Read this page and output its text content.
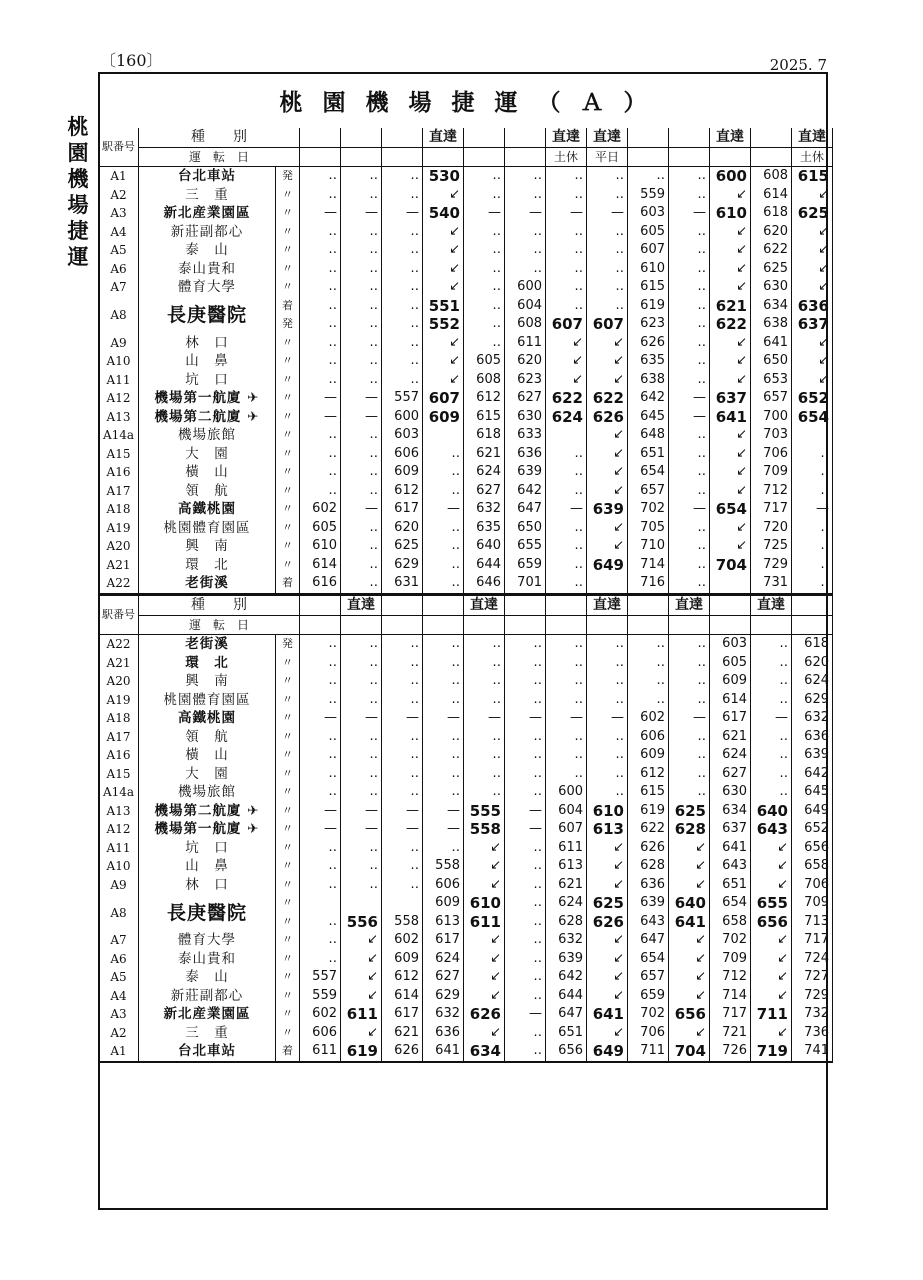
〔160〕	2025. 7
桃園機場捷運
桃 園 機 場 捷 運 （ Ａ ）
駅番号	種　　別					直達			直達	直達			直達		直達
	運　転　日								土休	平日					土休
A1	台北車站	発	‥	‥	‥	530	‥	‥	‥	‥	‥	‥	600	608	615
A2	三　重	〃	‥	‥	‥	↙	‥	‥	‥	‥	559	‥	↙	614	↙
A3	新北産業園區	〃	—	—	—	540	—	—	—	—	603	—	610	618	625
A4	新莊副都心	〃	‥	‥	‥	↙	‥	‥	‥	‥	605	‥	↙	620	↙
A5	泰　山	〃	‥	‥	‥	↙	‥	‥	‥	‥	607	‥	↙	622	↙
A6	泰山貴和	〃	‥	‥	‥	↙	‥	‥	‥	‥	610	‥	↙	625	↙
A7	體育大學	〃	‥	‥	‥	↙	‥	600	‥	‥	615	‥	↙	630	↙
A8	長庚醫院	着	‥	‥	‥	551	‥	604	‥	‥	619	‥	621	634	636
		発	‥	‥	‥	552	‥	608	607	607	623	‥	622	638	637
A9	林　口	〃	‥	‥	‥	↙	‥	611	↙	↙	626	‥	↙	641	↙
A10	山　鼻	〃	‥	‥	‥	↙	605	620	↙	↙	635	‥	↙	650	↙
A11	坑　口	〃	‥	‥	‥	↙	608	623	↙	↙	638	‥	↙	653	↙
A12	機場第一航廈 ✈	〃	—	—	557	607	612	627	622	622	642	—	637	657	652
A13	機場第二航廈 ✈	〃	—	—	600	609	615	630	624	626	645	—	641	700	654
A14a	機場旅館	〃	‥	‥	603		618	633		↙	648	‥	↙	703	
A15	大　園	〃	‥	‥	606	‥	621	636	‥	↙	651	‥	↙	706	‥
A16	橫　山	〃	‥	‥	609	‥	624	639	‥	↙	654	‥	↙	709	‥
A17	領　航	〃	‥	‥	612	‥	627	642	‥	↙	657	‥	↙	712	‥
A18	高鐵桃園	〃	602	—	617	—	632	647	—	639	702	—	654	717	—
A19	桃園體育園區	〃	605	‥	620	‥	635	650	‥	↙	705	‥	↙	720	‥
A20	興　南	〃	610	‥	625	‥	640	655	‥	↙	710	‥	↙	725	‥
A21	環　北	〃	614	‥	629	‥	644	659	‥	649	714	‥	704	729	‥
A22	老街溪	着	616	‥	631	‥	646	701	‥		716	‥		731	‥
駅番号	種　　別			直達			直達			直達		直達		直達	
	運　転　日														
A22	老街溪	発	‥	‥	‥	‥	‥	‥	‥	‥	‥	‥	603	‥	618
A21	環　北	〃	‥	‥	‥	‥	‥	‥	‥	‥	‥	‥	605	‥	620
A20	興　南	〃	‥	‥	‥	‥	‥	‥	‥	‥	‥	‥	609	‥	624
A19	桃園體育園區	〃	‥	‥	‥	‥	‥	‥	‥	‥	‥	‥	614	‥	629
A18	高鐵桃園	〃	—	—	—	—	—	—	—	—	602	—	617	—	632
A17	領　航	〃	‥	‥	‥	‥	‥	‥	‥	‥	606	‥	621	‥	636
A16	橫　山	〃	‥	‥	‥	‥	‥	‥	‥	‥	609	‥	624	‥	639
A15	大　園	〃	‥	‥	‥	‥	‥	‥	‥	‥	612	‥	627	‥	642
A14a	機場旅館	〃	‥	‥	‥	‥	‥	‥	600	‥	615	‥	630	‥	645
A13	機場第二航廈 ✈	〃	—	—	—	—	555	—	604	610	619	625	634	640	649
A12	機場第一航廈 ✈	〃	—	—	—	—	558	—	607	613	622	628	637	643	652
A11	坑　口	〃	‥	‥	‥	‥	↙	‥	611	↙	626	↙	641	↙	656
A10	山　鼻	〃	‥	‥	‥	558	↙	‥	613	↙	628	↙	643	↙	658
A9	林　口	〃	‥	‥	‥	606	↙	‥	621	↙	636	↙	651	↙	706
A8	長庚醫院	〃				609	610	‥	624	625	639	640	654	655	709
		〃	‥	556	558	613	611	‥	628	626	643	641	658	656	713
A7	體育大學	〃	‥	↙	602	617	↙	‥	632	↙	647	↙	702	↙	717
A6	泰山貴和	〃	‥	↙	609	624	↙	‥	639	↙	654	↙	709	↙	724
A5	泰　山	〃	557	↙	612	627	↙	‥	642	↙	657	↙	712	↙	727
A4	新莊副都心	〃	559	↙	614	629	↙	‥	644	↙	659	↙	714	↙	729
A3	新北産業園區	〃	602	611	617	632	626	—	647	641	702	656	717	711	732
A2	三　重	〃	606	↙	621	636	↙	‥	651	↙	706	↙	721	↙	736
A1	台北車站	着	611	619	626	641	634	‥	656	649	711	704	726	719	741
